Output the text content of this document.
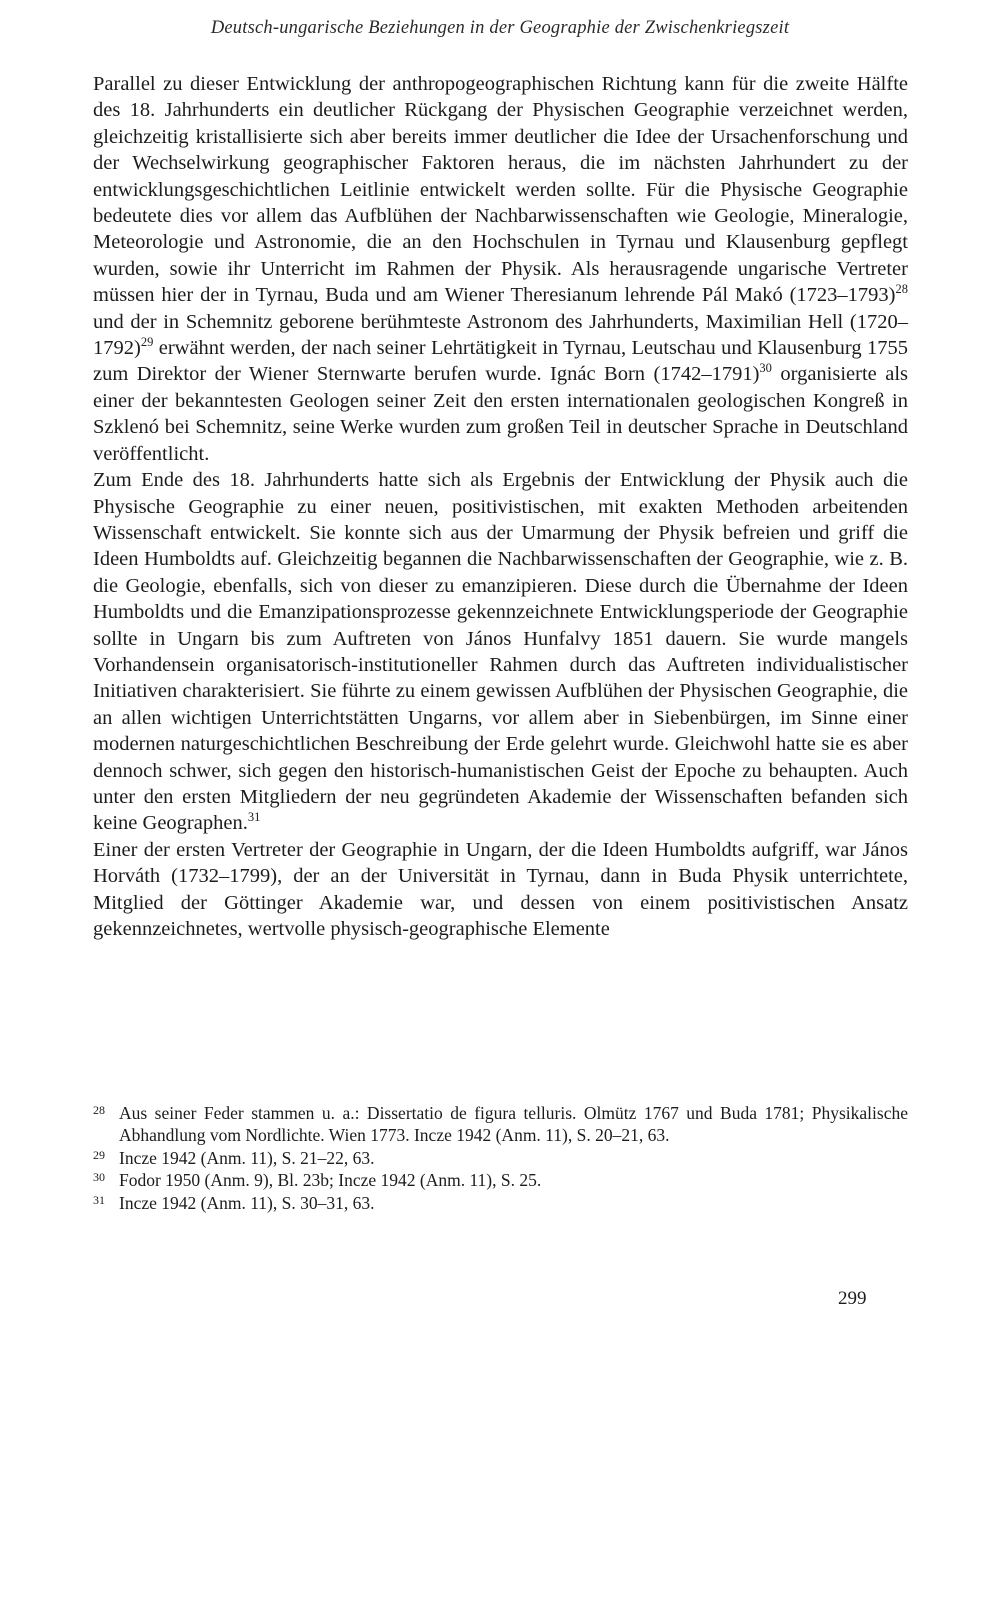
Deutsch-ungarische Beziehungen in der Geographie der Zwischenkriegszeit

Parallel zu dieser Entwicklung der anthropogeographischen Richtung kann für die zweite Hälfte des 18. Jahrhunderts ein deutlicher Rückgang der Physischen Geographie verzeichnet werden, gleichzeitig kristallisierte sich aber bereits immer deutlicher die Idee der Ursachenforschung und der Wechselwirkung geographischer Faktoren heraus, die im nächsten Jahrhundert zu der entwicklungsgeschichtlichen Leitlinie entwickelt werden sollte. Für die Physische Geographie bedeutete dies vor allem das Aufblühen der Nachbarwissenschaften wie Geologie, Mineralogie, Meteorologie und Astronomie, die an den Hochschulen in Tyrnau und Klausenburg gepflegt wurden, sowie ihr Unterricht im Rahmen der Physik. Als herausragende ungarische Vertreter müssen hier der in Tyrnau, Buda und am Wiener Theresianum lehrende Pál Makó (1723–1793)$^{28}$ und der in Schemnitz geborene berühmteste Astronom des Jahrhunderts, Maximilian Hell (1720–1792)$^{29}$ erwähnt werden, der nach seiner Lehrtätigkeit in Tyrnau, Leutschau und Klausenburg 1755 zum Direktor der Wiener Sternwarte berufen wurde. Ignác Born (1742–1791)$^{30}$ organisierte als einer der bekanntesten Geologen seiner Zeit den ersten internationalen geologischen Kongreß in Szklenó bei Schemnitz, seine Werke wurden zum großen Teil in deutscher Sprache in Deutschland veröffentlicht.

Zum Ende des 18. Jahrhunderts hatte sich als Ergebnis der Entwicklung der Physik auch die Physische Geographie zu einer neuen, positivistischen, mit exakten Methoden arbeitenden Wissenschaft entwickelt. Sie konnte sich aus der Umarmung der Physik befreien und griff die Ideen Humboldts auf. Gleichzeitig begannen die Nachbarwissenschaften der Geographie, wie z. B. die Geologie, ebenfalls, sich von dieser zu emanzipieren. Diese durch die Übernahme der Ideen Humboldts und die Emanzipationsprozesse gekennzeichnete Entwicklungsperiode der Geographie sollte in Ungarn bis zum Auftreten von János Hunfalvy 1851 dauern. Sie wurde mangels Vorhandensein organisatorisch-institutioneller Rahmen durch das Auftreten individualistischer Initiativen charakterisiert. Sie führte zu einem gewissen Aufblühen der Physischen Geographie, die an allen wichtigen Unterrichtstätten Ungarns, vor allem aber in Siebenbürgen, im Sinne einer modernen naturgeschichtlichen Beschreibung der Erde gelehrt wurde. Gleichwohl hatte sie es aber dennoch schwer, sich gegen den historisch-humanistischen Geist der Epoche zu behaupten. Auch unter den ersten Mitgliedern der neu gegründeten Akademie der Wissenschaften befanden sich keine Geographen.$^{31}$

Einer der ersten Vertreter der Geographie in Ungarn, der die Ideen Humboldts aufgriff, war János Horváth (1732–1799), der an der Universität in Tyrnau, dann in Buda Physik unterrichtete, Mitglied der Göttinger Akademie war, und dessen von einem positivistischen Ansatz gekennzeichnetes, wertvolle physisch-geographische Elemente

28 Aus seiner Feder stammen u. a.: Dissertatio de figura telluris. Olmütz 1767 und Buda 1781; Physikalische Abhandlung vom Nordlichte. Wien 1773. Incze 1942 (Anm. 11), S. 20–21, 63.
29 Incze 1942 (Anm. 11), S. 21–22, 63.
30 Fodor 1950 (Anm. 9), Bl. 23b; Incze 1942 (Anm. 11), S. 25.
31 Incze 1942 (Anm. 11), S. 30–31, 63.
299
